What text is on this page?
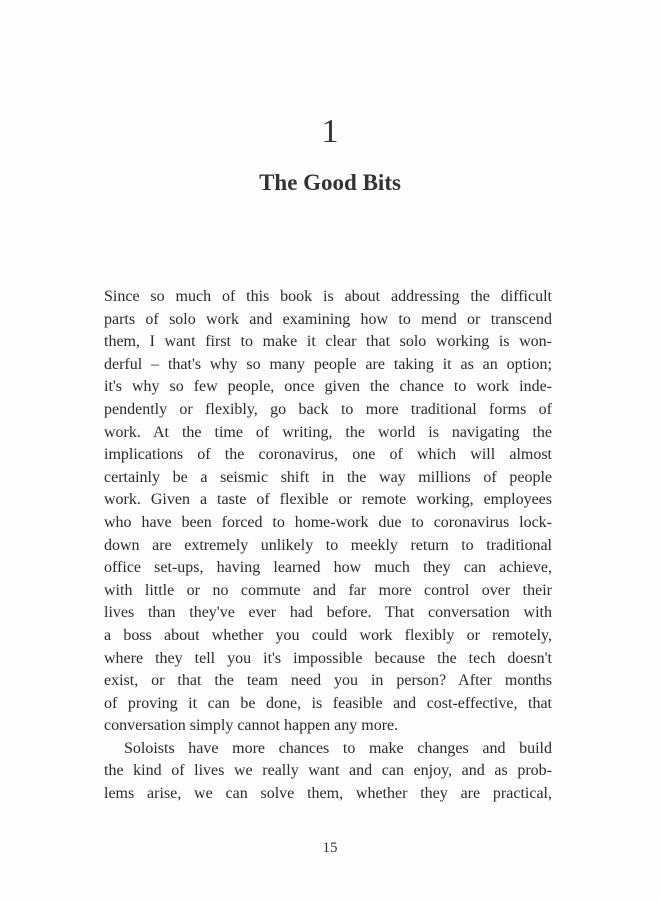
1
The Good Bits
Since so much of this book is about addressing the difficult
parts of solo work and examining how to mend or transcend
them, I want first to make it clear that solo working is won-
derful – that's why so many people are taking it as an option;
it's why so few people, once given the chance to work inde-
pendently or flexibly, go back to more traditional forms of
work. At the time of writing, the world is navigating the
implications of the coronavirus, one of which will almost
certainly be a seismic shift in the way millions of people
work. Given a taste of flexible or remote working, employees
who have been forced to home-work due to coronavirus lock-
down are extremely unlikely to meekly return to traditional
office set-ups, having learned how much they can achieve,
with little or no commute and far more control over their
lives than they've ever had before. That conversation with
a boss about whether you could work flexibly or remotely,
where they tell you it's impossible because the tech doesn't
exist, or that the team need you in person? After months
of proving it can be done, is feasible and cost-effective, that
conversation simply cannot happen any more.
Soloists have more chances to make changes and build
the kind of lives we really want and can enjoy, and as prob-
lems arise, we can solve them, whether they are practical,
15
